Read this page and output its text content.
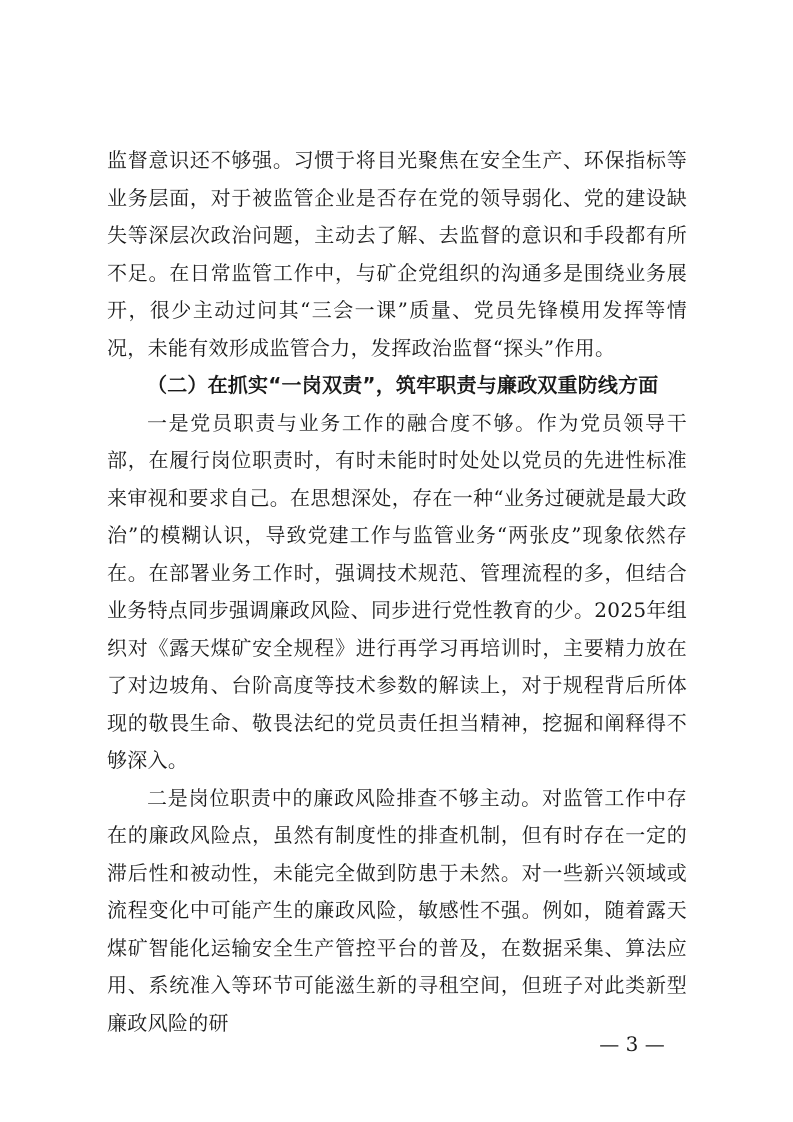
监督意识还不够强。习惯于将目光聚焦在安全生产、环保指标等业务层面，对于被监管企业是否存在党的领导弱化、党的建设缺失等深层次政治问题，主动去了解、去监督的意识和手段都有所不足。在日常监管工作中，与矿企党组织的沟通多是围绕业务展开，很少主动过问其“三会一课”质量、党员先锋模用发挥等情况，未能有效形成监管合力，发挥政治监督“探头”作用。

（二）在抓实“一岗双责”，筑牢职责与廉政双重防线方面

一是党员职责与业务工作的融合度不够。作为党员领导干部，在履行岗位职责时，有时未能时时处处以党员的先进性标准来审视和要求自己。在思想深处，存在一种“业务过硬就是最大政治”的模糊认识，导致党建工作与监管业务“两张皮”现象依然存在。在部署业务工作时，强调技术规范、管理流程的多，但结合业务特点同步强调廉政风险、同步进行党性教育的少。2025年组织对《露天煤矿安全规程》进行再学习再培训时，主要精力放在了对边坡角、台阶高度等技术参数的解读上，对于规程背后所体现的敬畏生命、敬畏法纪的党员责任担当精神，挖掘和阐释得不够深入。

二是岗位职责中的廉政风险排查不够主动。对监管工作中存在的廉政风险点，虽然有制度性的排查机制，但有时存在一定的滞后性和被动性，未能完全做到防患于未然。对一些新兴领域或流程变化中可能产生的廉政风险，敏感性不强。例如，随着露天煤矿智能化运输安全生产管控平台的普及，在数据采集、算法应用、系统准入等环节可能滋生新的寻租空间，但班子对此类新型廉政风险的研

— 3 —
